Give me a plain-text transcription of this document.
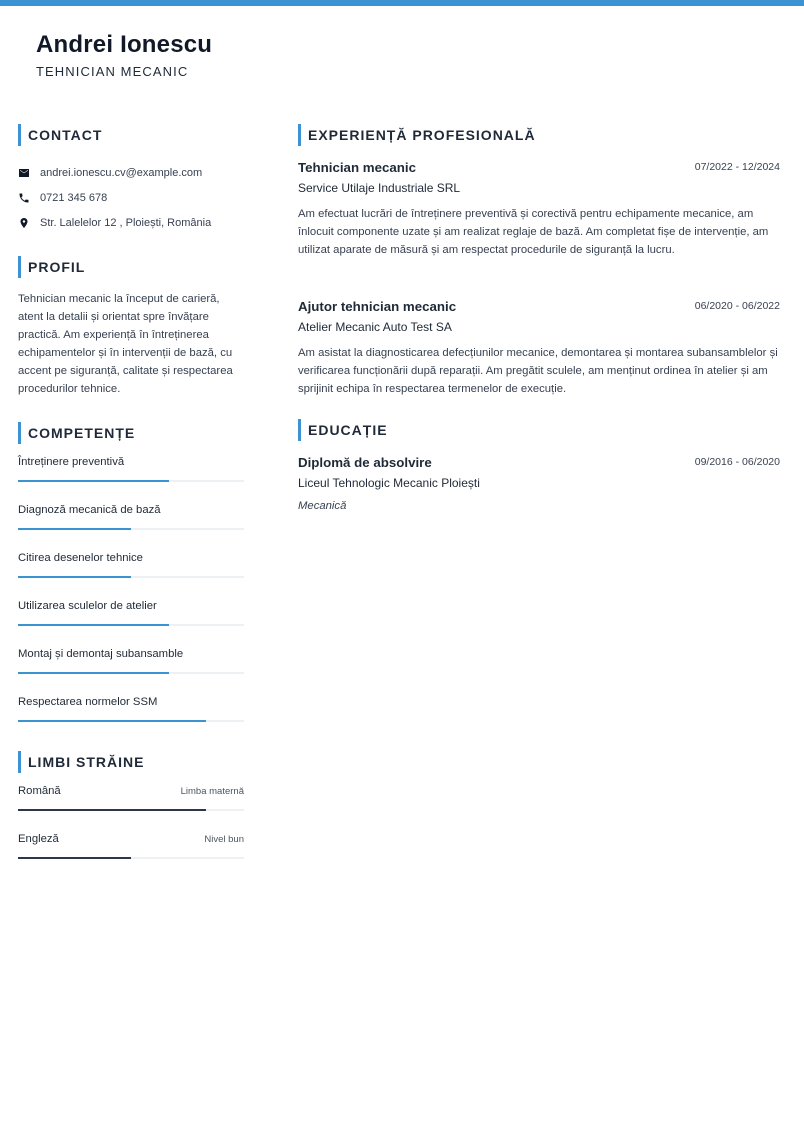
Andrei Ionescu
TEHNICIAN MECANIC
CONTACT
andrei.ionescu.cv@example.com
0721 345 678
Str. Lalelelor 12 , Ploiești, România
PROFIL

Tehnician mecanic la început de carieră, atent la detalii și orientat spre învățare practică. Am experiență în întreținerea echipamentelor și în intervenții de bază, cu accent pe siguranță, calitate și respectarea procedurilor tehnice.

COMPETENȚE
Întreținere preventivă
Diagnoză mecanică de bază
Citirea desenelor tehnice
Utilizarea sculelor de atelier
Montaj și demontaj subansamble
Respectarea normelor SSM
LIMBI STRĂINE
Română	Limba maternă
Engleză	Nivel bun
EXPERIENȚĂ PROFESIONALĂ
Tehnician mecanic	07/2022 - 12/2024
Service Utilaje Industriale SRL

Am efectuat lucrări de întreținere preventivă și corectivă pentru echipamente mecanice, am înlocuit componente uzate și am realizat reglaje de bază. Am completat fișe de intervenție, am utilizat aparate de măsură și am respectat procedurile de siguranță la lucru.

Ajutor tehnician mecanic	06/2020 - 06/2022
Atelier Mecanic Auto Test SA

Am asistat la diagnosticarea defecțiunilor mecanice, demontarea și montarea subansamblelor și verificarea funcționării după reparații. Am pregătit sculele, am menținut ordinea în atelier și am sprijinit echipa în respectarea termenelor de execuție.

EDUCAȚIE
Diplomă de absolvire	09/2016 - 06/2020
Liceul Tehnologic Mecanic Ploiești
Mecanică
